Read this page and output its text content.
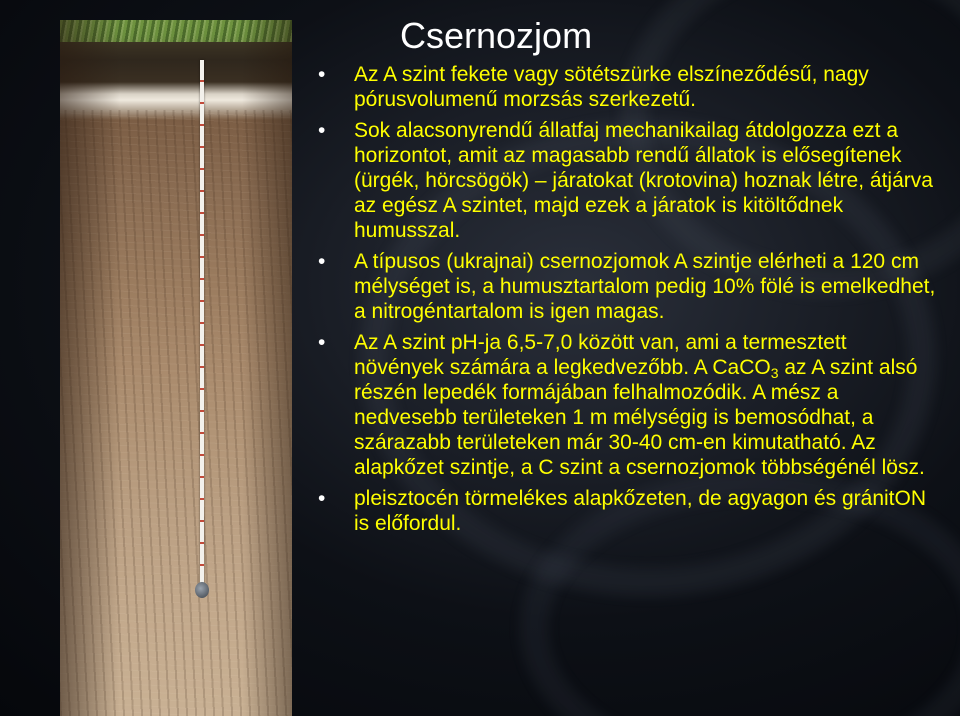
Csernozjom
• Az A szint fekete vagy sötétszürke elszíneződésű, nagy pórusvolumenű morzsás szerkezetű.

• Sok alacsonyrendű állatfaj mechanikailag átdolgozza ezt a horizontot, amit az magasabb rendű állatok is elősegítenek (ürgék, hörcsögök) – járatokat (krotovina) hoznak létre, átjárva az egész A szintet, majd ezek a járatok is kitöltődnek humusszal.

• A típusos (ukrajnai) csernozjomok A szintje elérheti a 120 cm mélységet is, a humusztartalom pedig 10% fölé is emelkedhet, a nitrogéntartalom is igen magas.

• Az A szint pH-ja 6,5-7,0 között van, ami a termesztett növények számára a legkedvezőbb. A CaCO$_3$ az A szint alsó részén lepedék formájában felhalmozódik. A mész a nedvesebb területeken 1 m mélységig is bemosódhat, a szárazabb területeken már 30-40 cm-en kimutatható. Az alapkőzet szintje, a C szint a csernozjomok többségénél lösz.

• pleisztocén törmelékes alapkőzeten, de agyagon és gránitON is előfordul.
